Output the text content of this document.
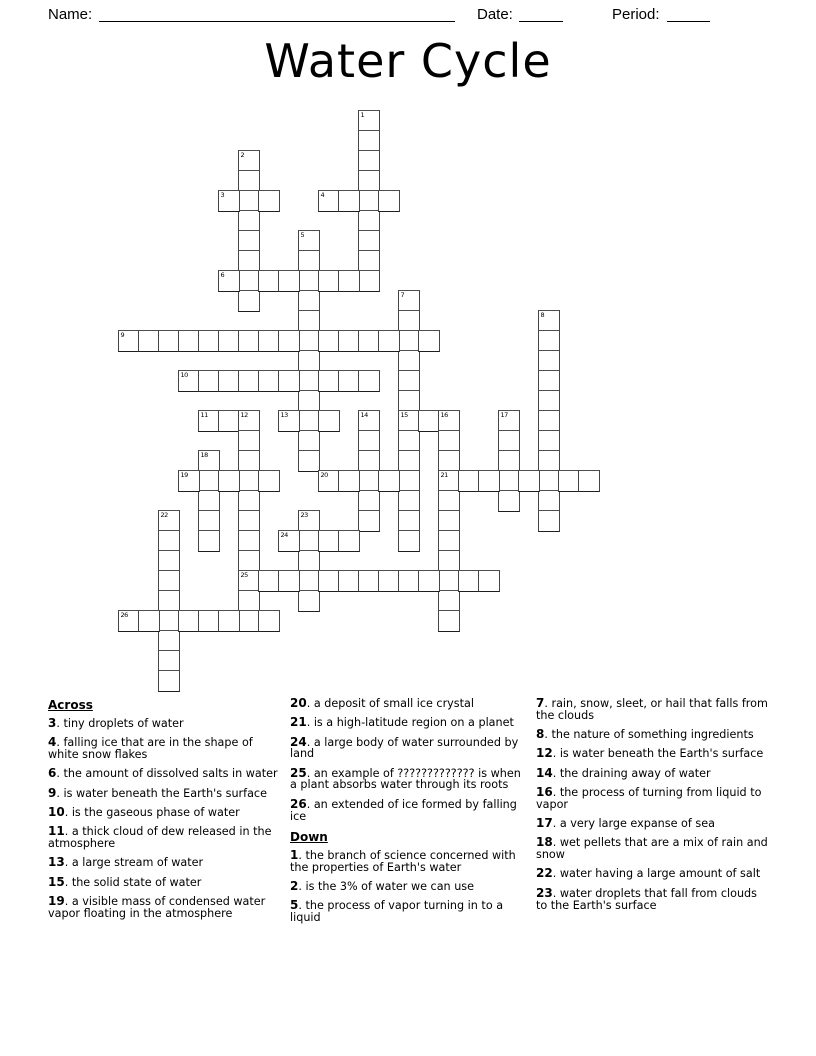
Name:	Date:	Period:
Water Cycle
1
2
3	4
5
6
7
15
8
9
10
11	12
25
13	14	16
21
17
18
19	20
22	23
24
26
Across
3. tiny droplets of water
4. falling ice that are in the shape of white snow flakes
6. the amount of dissolved salts in water
9. is water beneath the Earth's surface
10. is the gaseous phase of water
11. a thick cloud of dew released in the atmosphere
13. a large stream of water
15. the solid state of water
19. a visible mass of condensed water vapor floating in the atmosphere
20. a deposit of small ice crystal
21. is a high-latitude region on a planet
24. a large body of water surrounded by land
25. an example of ????????????? is when a plant absorbs water through its roots
26. an extended of ice formed by falling ice
Down
1. the branch of science concerned with the properties of Earth's water
2. is the 3% of water we can use
5. the process of vapor turning in to a liquid
7. rain, snow, sleet, or hail that falls from the clouds
8. the nature of something ingredients
12. is water beneath the Earth's surface
14. the draining away of water
16. the process of turning from liquid to vapor
17. a very large expanse of sea
18. wet pellets that are a mix of rain and snow
22. water having a large amount of salt
23. water droplets that fall from clouds to the Earth's surface
